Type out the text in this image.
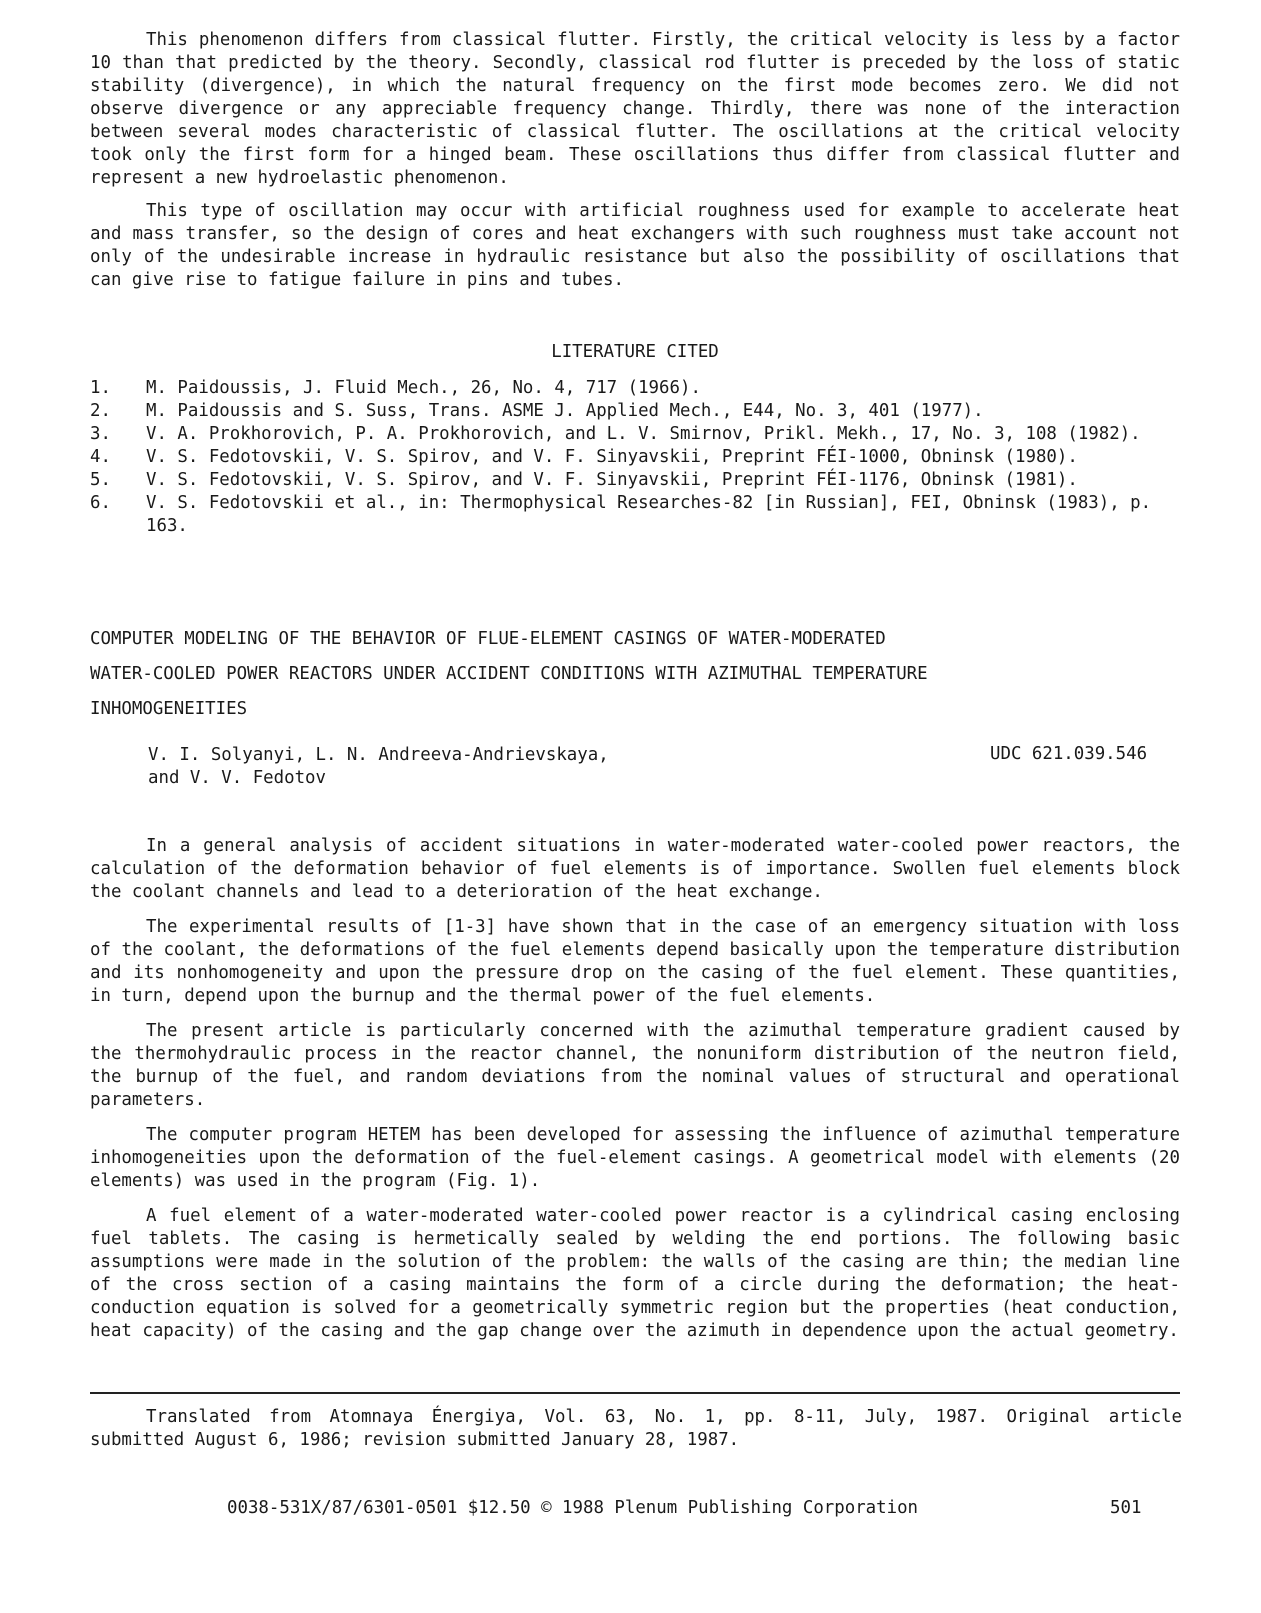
This phenomenon differs from classical flutter. Firstly, the critical velocity is less by a factor 10 than that predicted by the theory. Secondly, classical rod flutter is preceded by the loss of static stability (divergence), in which the natural frequency on the first mode becomes zero. We did not observe divergence or any appreciable frequency change. Thirdly, there was none of the interaction between several modes characteristic of classical flutter. The oscillations at the critical velocity took only the first form for a hinged beam. These oscillations thus differ from classical flutter and represent a new hydroelastic phenomenon.

This type of oscillation may occur with artificial roughness used for example to accelerate heat and mass transfer, so the design of cores and heat exchangers with such roughness must take account not only of the undesirable increase in hydraulic resistance but also the possibility of oscillations that can give rise to fatigue failure in pins and tubes.

LITERATURE CITED
1.	M. Paidoussis, J. Fluid Mech., 26, No. 4, 717 (1966).
2.	M. Paidoussis and S. Suss, Trans. ASME J. Applied Mech., E44, No. 3, 401 (1977).
3.	V. A. Prokhorovich, P. A. Prokhorovich, and L. V. Smirnov, Prikl. Mekh., 17, No. 3, 108 (1982).
4.	V. S. Fedotovskii, V. S. Spirov, and V. F. Sinyavskii, Preprint FÉI-1000, Obninsk (1980).
5.	V. S. Fedotovskii, V. S. Spirov, and V. F. Sinyavskii, Preprint FÉI-1176, Obninsk (1981).
6.	V. S. Fedotovskii et al., in: Thermophysical Researches-82 [in Russian], FEI, Obninsk (1983), p. 163.
COMPUTER MODELING OF THE BEHAVIOR OF FLUE-ELEMENT CASINGS OF WATER-MODERATED
WATER-COOLED POWER REACTORS UNDER ACCIDENT CONDITIONS WITH AZIMUTHAL TEMPERATURE
INHOMOGENEITIES
V. I. Solyanyi, L. N. Andreeva-Andrievskaya,
and V. V. Fedotov
UDC 621.039.546

In a general analysis of accident situations in water-moderated water-cooled power reactors, the calculation of the deformation behavior of fuel elements is of importance. Swollen fuel elements block the coolant channels and lead to a deterioration of the heat exchange.

The experimental results of [1-3] have shown that in the case of an emergency situation with loss of the coolant, the deformations of the fuel elements depend basically upon the temperature distribution and its nonhomogeneity and upon the pressure drop on the casing of the fuel element. These quantities, in turn, depend upon the burnup and the thermal power of the fuel elements.

The present article is particularly concerned with the azimuthal temperature gradient caused by the thermohydraulic process in the reactor channel, the nonuniform distribution of the neutron field, the burnup of the fuel, and random deviations from the nominal values of structural and operational parameters.

The computer program HETEM has been developed for assessing the influence of azimuthal temperature inhomogeneities upon the deformation of the fuel-element casings. A geometrical model with elements (20 elements) was used in the program (Fig. 1).

A fuel element of a water-moderated water-cooled power reactor is a cylindrical casing enclosing fuel tablets. The casing is hermetically sealed by welding the end portions. The following basic assumptions were made in the solution of the problem: the walls of the casing are thin; the median line of the cross section of a casing maintains the form of a circle during the deformation; the heat-conduction equation is solved for a geometrically symmetric region but the properties (heat conduction, heat capacity) of the casing and the gap change over the azimuth in dependence upon the actual geometry.

Translated from Atomnaya Énergiya, Vol. 63, No. 1, pp. 8-11, July, 1987. Original article submitted August 6, 1986; revision submitted January 28, 1987.

0038-531X/87/6301-0501 $12.50 © 1988 Plenum Publishing Corporation	501
